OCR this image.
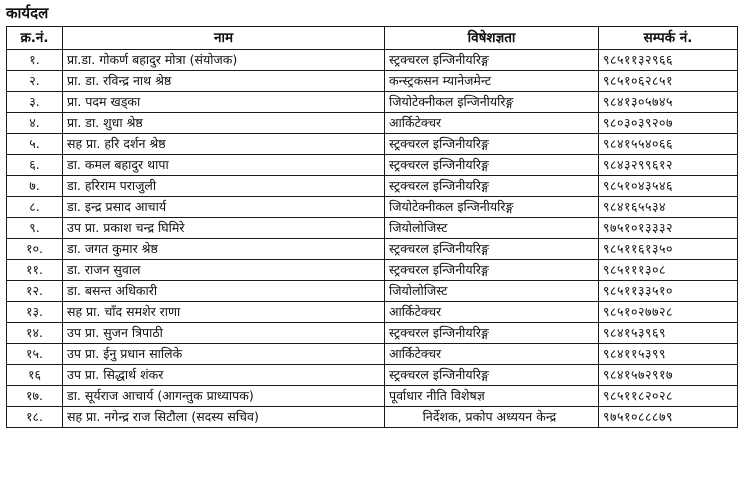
कार्यदल
क्र.नं.	नाम	विषेशज्ञता	सम्पर्क नं.
१.	प्रा.डा. गोकर्ण बहादुर मोत्रा (संयोजक)	स्ट्रक्चरल इन्जिनीयरिङ्ग	९८५११३२९६६
२.	प्रा. डा. रविन्द्र नाथ श्रेष्ठ	कन्स्ट्रकसन म्यानेजमेन्ट	९८५१०६२८५१
३.	प्रा. पदम खड्का	जियोटेक्नीकल इन्जिनीयरिङ्ग	९८४१३०५७४५
४.	प्रा. डा. शुधा श्रेष्ठ	आर्किटेक्चर	९८०३०३९२०७
५.	सह प्रा. हरि दर्शन श्रेष्ठ	स्ट्रक्चरल इन्जिनीयरिङ्ग	९८४१५५४०६६
६.	डा. कमल बहादुर थापा	स्ट्रक्चरल इन्जिनीयरिङ्ग	९८४३२९९६१२
७.	डा. हरिराम पराजुली	स्ट्रक्चरल इन्जिनीयरिङ्ग	९८५१०४३५४६
८.	डा. इन्द्र प्रसाद आचार्य	जियोटेक्नीकल इन्जिनीयरिङ्ग	९८४१६५५३४
९.	उप प्रा. प्रकाश चन्द्र घिमिरे	जियोलोजिस्ट	९७५१०१३३३२
१०.	डा. जगत कुमार श्रेष्ठ	स्ट्रक्चरल इन्जिनीयरिङ्ग	९८५११६१३५०
११.	डा. राजन सुवाल	स्ट्रक्चरल इन्जिनीयरिङ्ग	९८५१११३०८
१२.	डा. बसन्त अधिकारी	जियोलोजिस्ट	९८५११३३५१०
१३.	सह प्रा. चाँद समशेर राणा	आर्किटेक्चर	९८५१०२७७२८
१४.	उप प्रा. सुजन त्रिपाठी	स्ट्रक्चरल इन्जिनीयरिङ्ग	९८४१५३९६९
१५.	उप प्रा. ईनु प्रधान सालिके	आर्किटेक्चर	९८४११५३९९
१६	उप प्रा. सिद्धार्थ शंकर	स्ट्रक्चरल इन्जिनीयरिङ्ग	९८४१५७२९१७
१७.	डा. सूर्यराज आचार्य (आगन्तुक प्राध्यापक)	पूर्वाधार नीति विशेषज्ञ	९८५११८२०२८
१८.	सह प्रा. नगेन्द्र राज सिटौला (सदस्य सचिव)	निर्देशक, प्रकोप अध्ययन केन्द्र	९७५१०८८८७९
